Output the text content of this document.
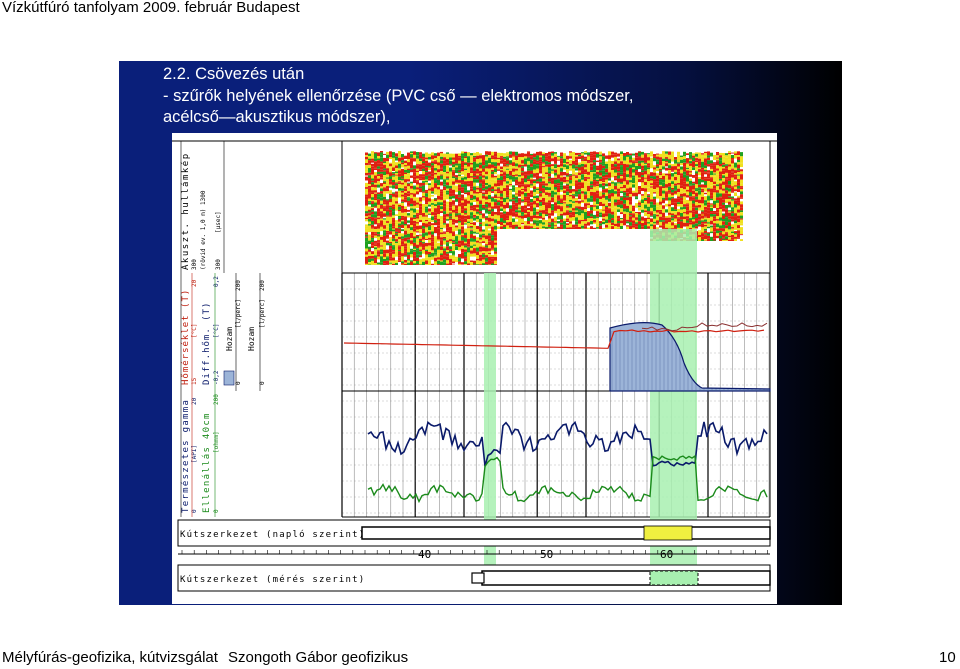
Vízkútfúró tanfolyam 2009. február Budapest
2.2. Csövezés után
- szűrők helyének ellenőrzése (PVC cső — elektromos módszer,
acélcső—akusztikus módszer),
40	50	60
Kútszerkezet (napló szerint)
Kútszerkezet (mérés szerint)
Akuszt. hullámkép (rövid ev. 1,0 m) 1300 [μsec]
300	300
Hőmérséklet (T) [°C]
15
20
Diff.hőm. (T) [°C]
-0,2
0,2
Hozam
[l/perc]
0
200
Hozam
[l/perc]
0
200
Természetes gamma [API]
0
20
Ellenállás 40cm [ohmm]
0
200
Mélyfúrás-geofizika, kútvizsgálat Szongoth Gábor geofizikus	10
